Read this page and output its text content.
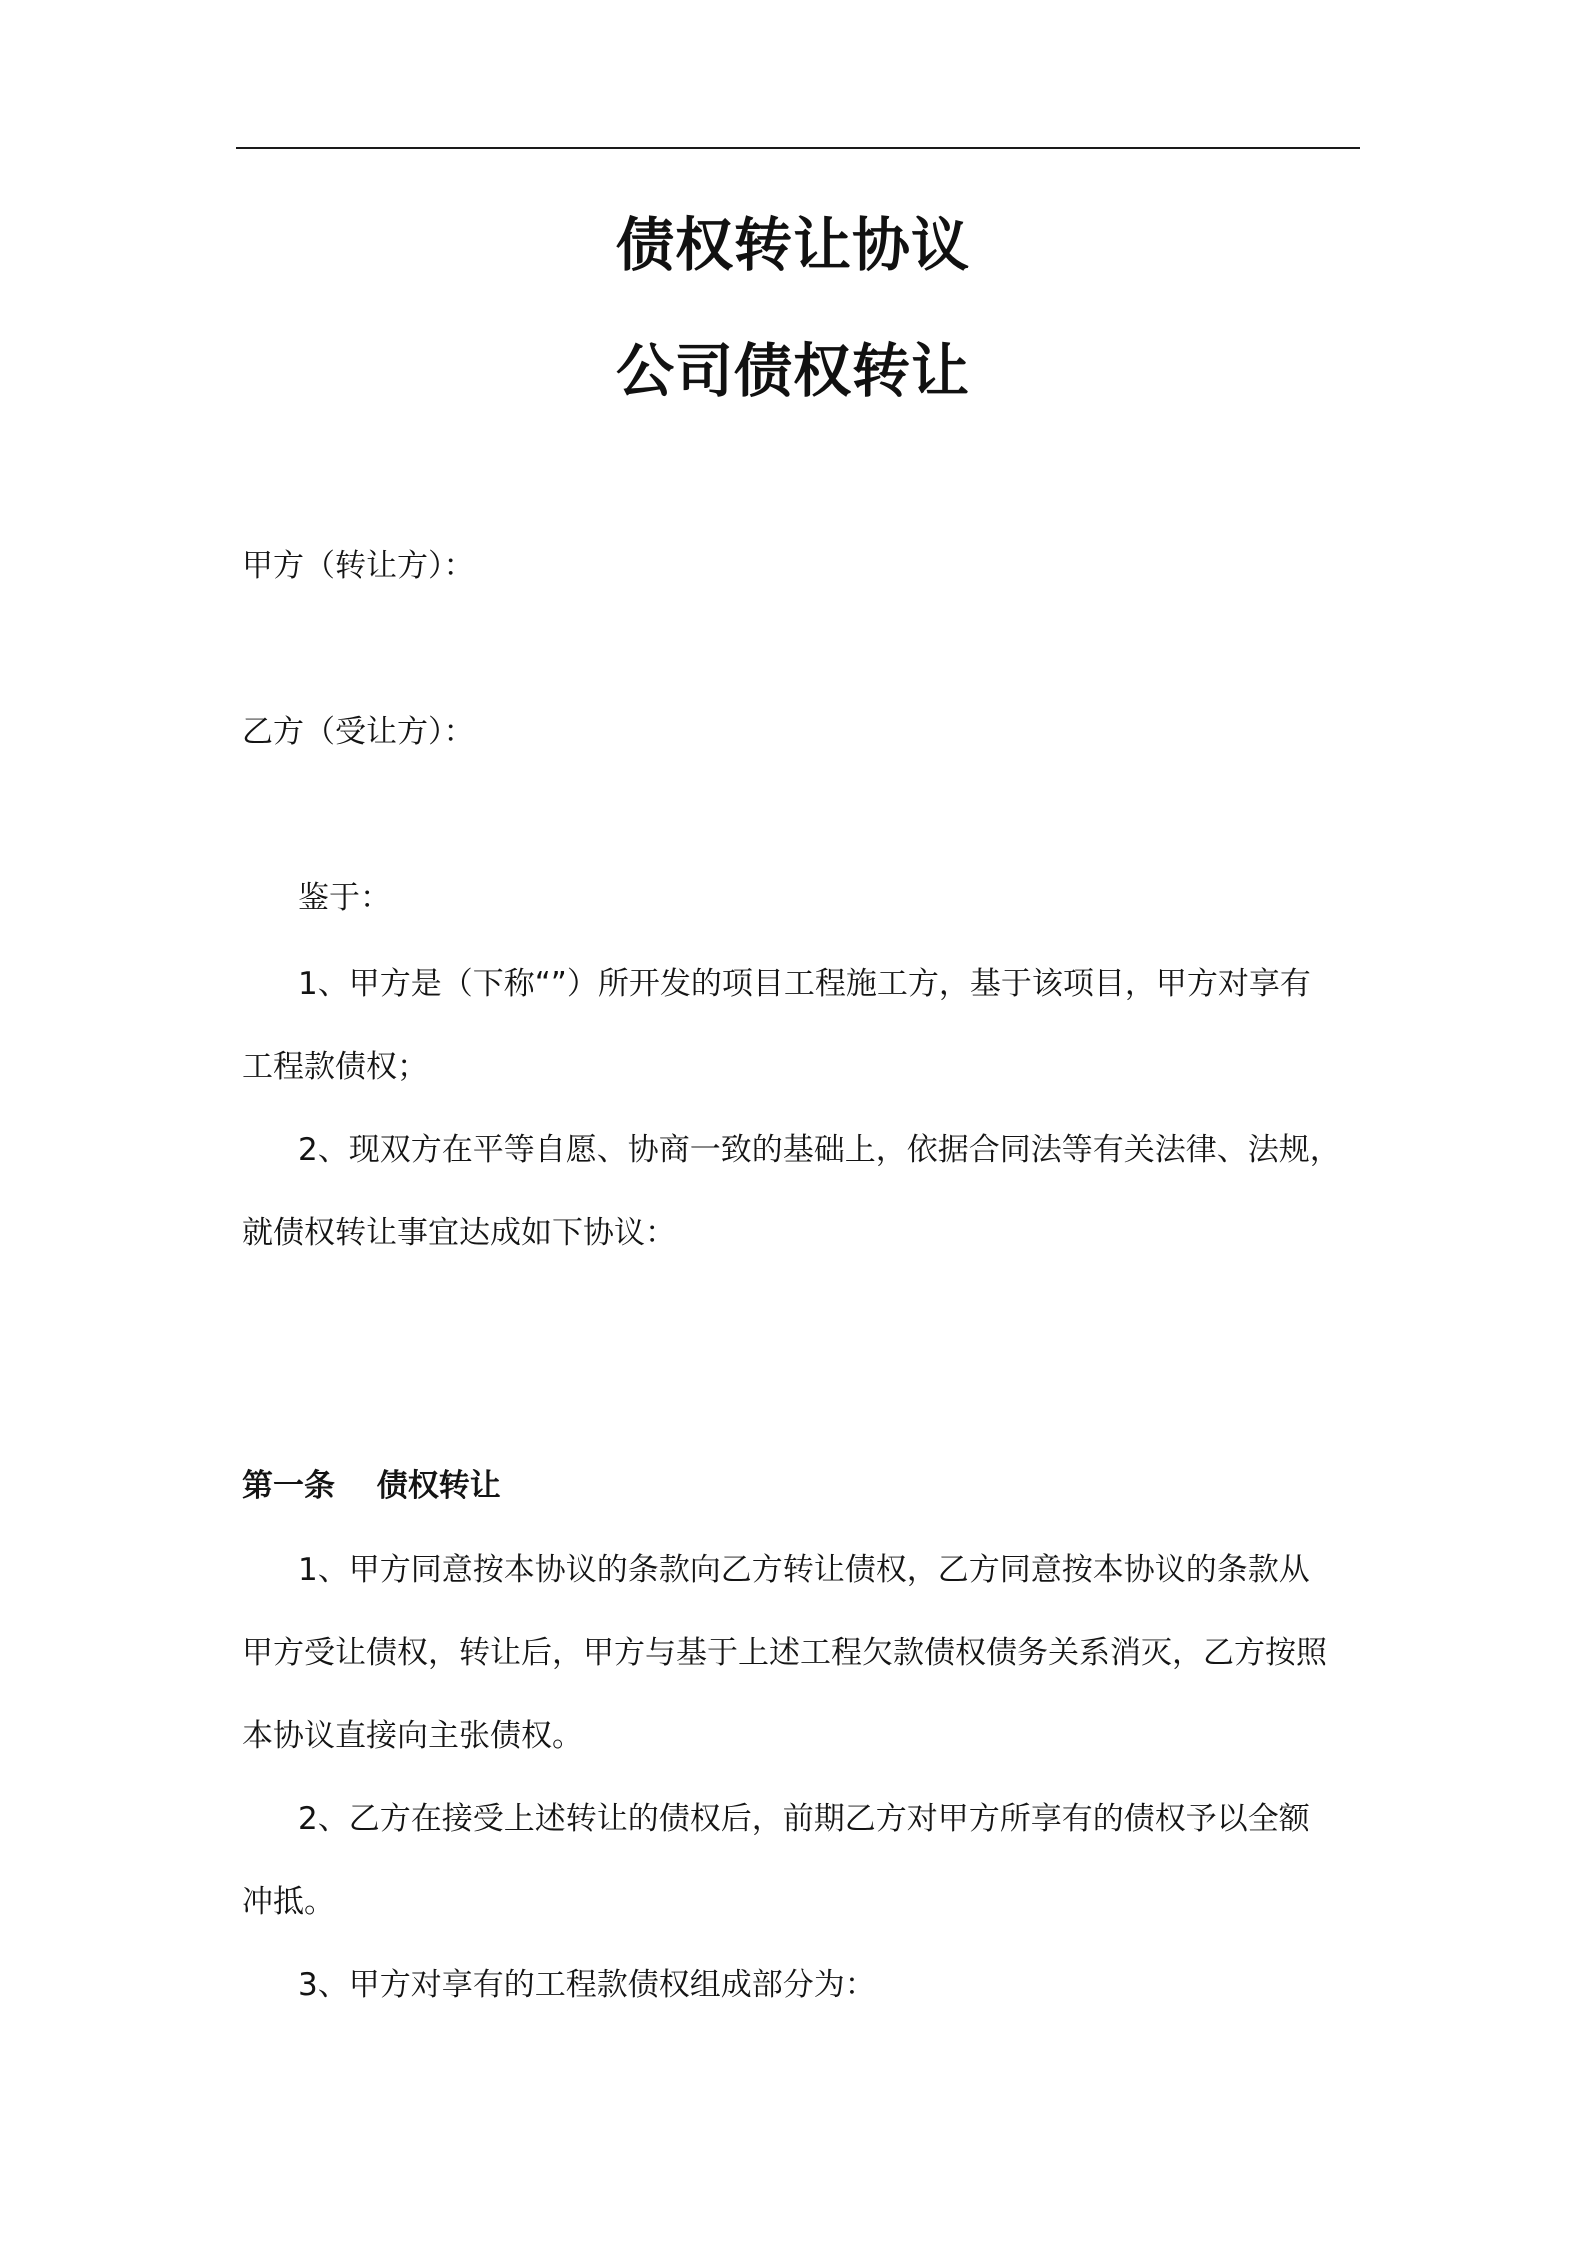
债权转让协议
公司债权转让
甲方（转让方）：
乙方（受让方）：
鉴于：
1、甲方是（下称“”）所开发的项目工程施工方，基于该项目，甲方对享有
工程款债权；
2、现双方在平等自愿、协商一致的基础上，依据合同法等有关法律、法规，
就债权转让事宜达成如下协议：
第一条　 债权转让
1、甲方同意按本协议的条款向乙方转让债权，乙方同意按本协议的条款从
甲方受让债权，转让后，甲方与基于上述工程欠款债权债务关系消灭，乙方按照
本协议直接向主张债权。
2、乙方在接受上述转让的债权后，前期乙方对甲方所享有的债权予以全额
冲抵。
3、甲方对享有的工程款债权组成部分为：
